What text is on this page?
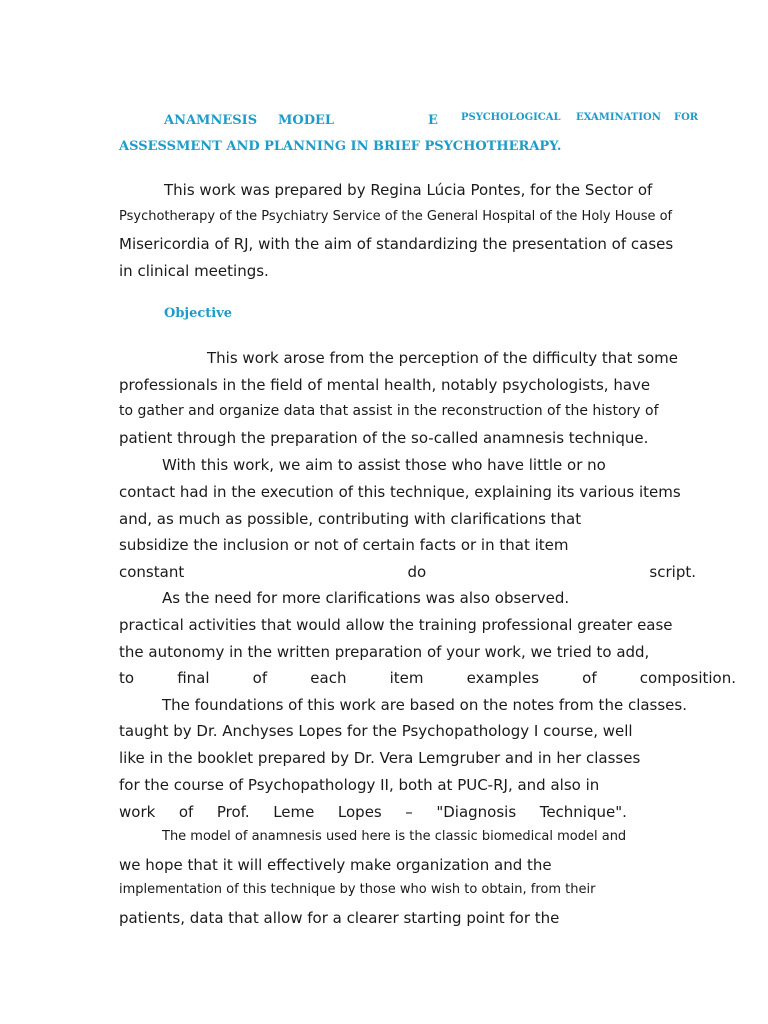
ANAMNESIS MODEL	E PSYCHOLOGICAL EXAMINATION FOR
ASSESSMENT AND PLANNING IN BRIEF PSYCHOTHERAPY.
This work was prepared by Regina Lúcia Pontes, for the Sector of
Psychotherapy of the Psychiatry Service of the General Hospital of the Holy House of
Misericordia of RJ, with the aim of standardizing the presentation of cases
in clinical meetings.
Objective
This work arose from the perception of the difficulty that some
professionals in the field of mental health, notably psychologists, have
to gather and organize data that assist in the reconstruction of the history of
patient through the preparation of the so-called anamnesis technique.
With this work, we aim to assist those who have little or no
contact had in the execution of this technique, explaining its various items
and, as much as possible, contributing with clarifications that
subsidize the inclusion or not of certain facts or in that item
constant	do	script.
As the need for more clarifications was also observed.
practical activities that would allow the training professional greater ease
the autonomy in the written preparation of your work, we tried to add,
to	final	of	each	item	examples	of	composition.
The foundations of this work are based on the notes from the classes.
taught by Dr. Anchyses Lopes for the Psychopathology I course, well
like in the booklet prepared by Dr. Vera Lemgruber and in her classes
for the course of Psychopathology II, both at PUC-RJ, and also in
work of Prof. Leme Lopes – "Diagnosis Technique".
The model of anamnesis used here is the classic biomedical model and
we hope that it will effectively make organization and the
implementation of this technique by those who wish to obtain, from their
patients, data that allow for a clearer starting point for the
